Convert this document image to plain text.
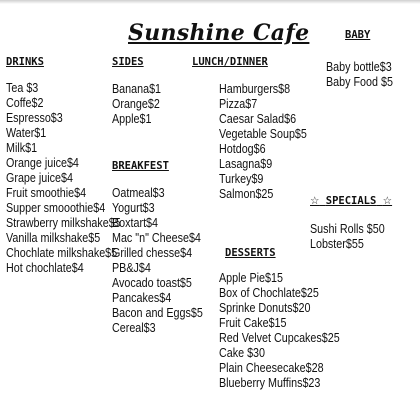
Sunshine Cafe
DRINKS
Tea $3
Coffe$2
Espresso$3
Water$1
Milk$1
Orange juice$4
Grape juice$4
Fruit smoothie$4
Supper smooothie$4
Strawberry milkshake$5
Vanilla milkshake$5
Chochlate milkshake$5
Hot chochlate$4
SIDES
Banana$1
Orange$2
Apple$1
BREAKFEST
Oatmeal$3
Yogurt$3
Boxtart$4
Mac "n" Cheese$4
Grilled chesse$4
PB&J$4
Avocado toast$5
Pancakes$4
Bacon and Eggs$5
Cereal$3
LUNCH/DINNER
Hamburgers$8
Pizza$7
Caesar Salad$6
Vegetable Soup$5
Hotdog$6
Lasagna$9
Turkey$9
Salmon$25
DESSERTS
Apple Pie$15
Box of Chochlate$25
Sprinke Donuts$20
Fruit Cake$15
Red Velvet Cupcakes$25
Cake $30
Plain Cheesecake$28
Blueberry Muffins$23
BABY
Baby bottle$3
Baby Food $5
☆ SPECIALS ☆
Sushi Rolls $50
Lobster$55
